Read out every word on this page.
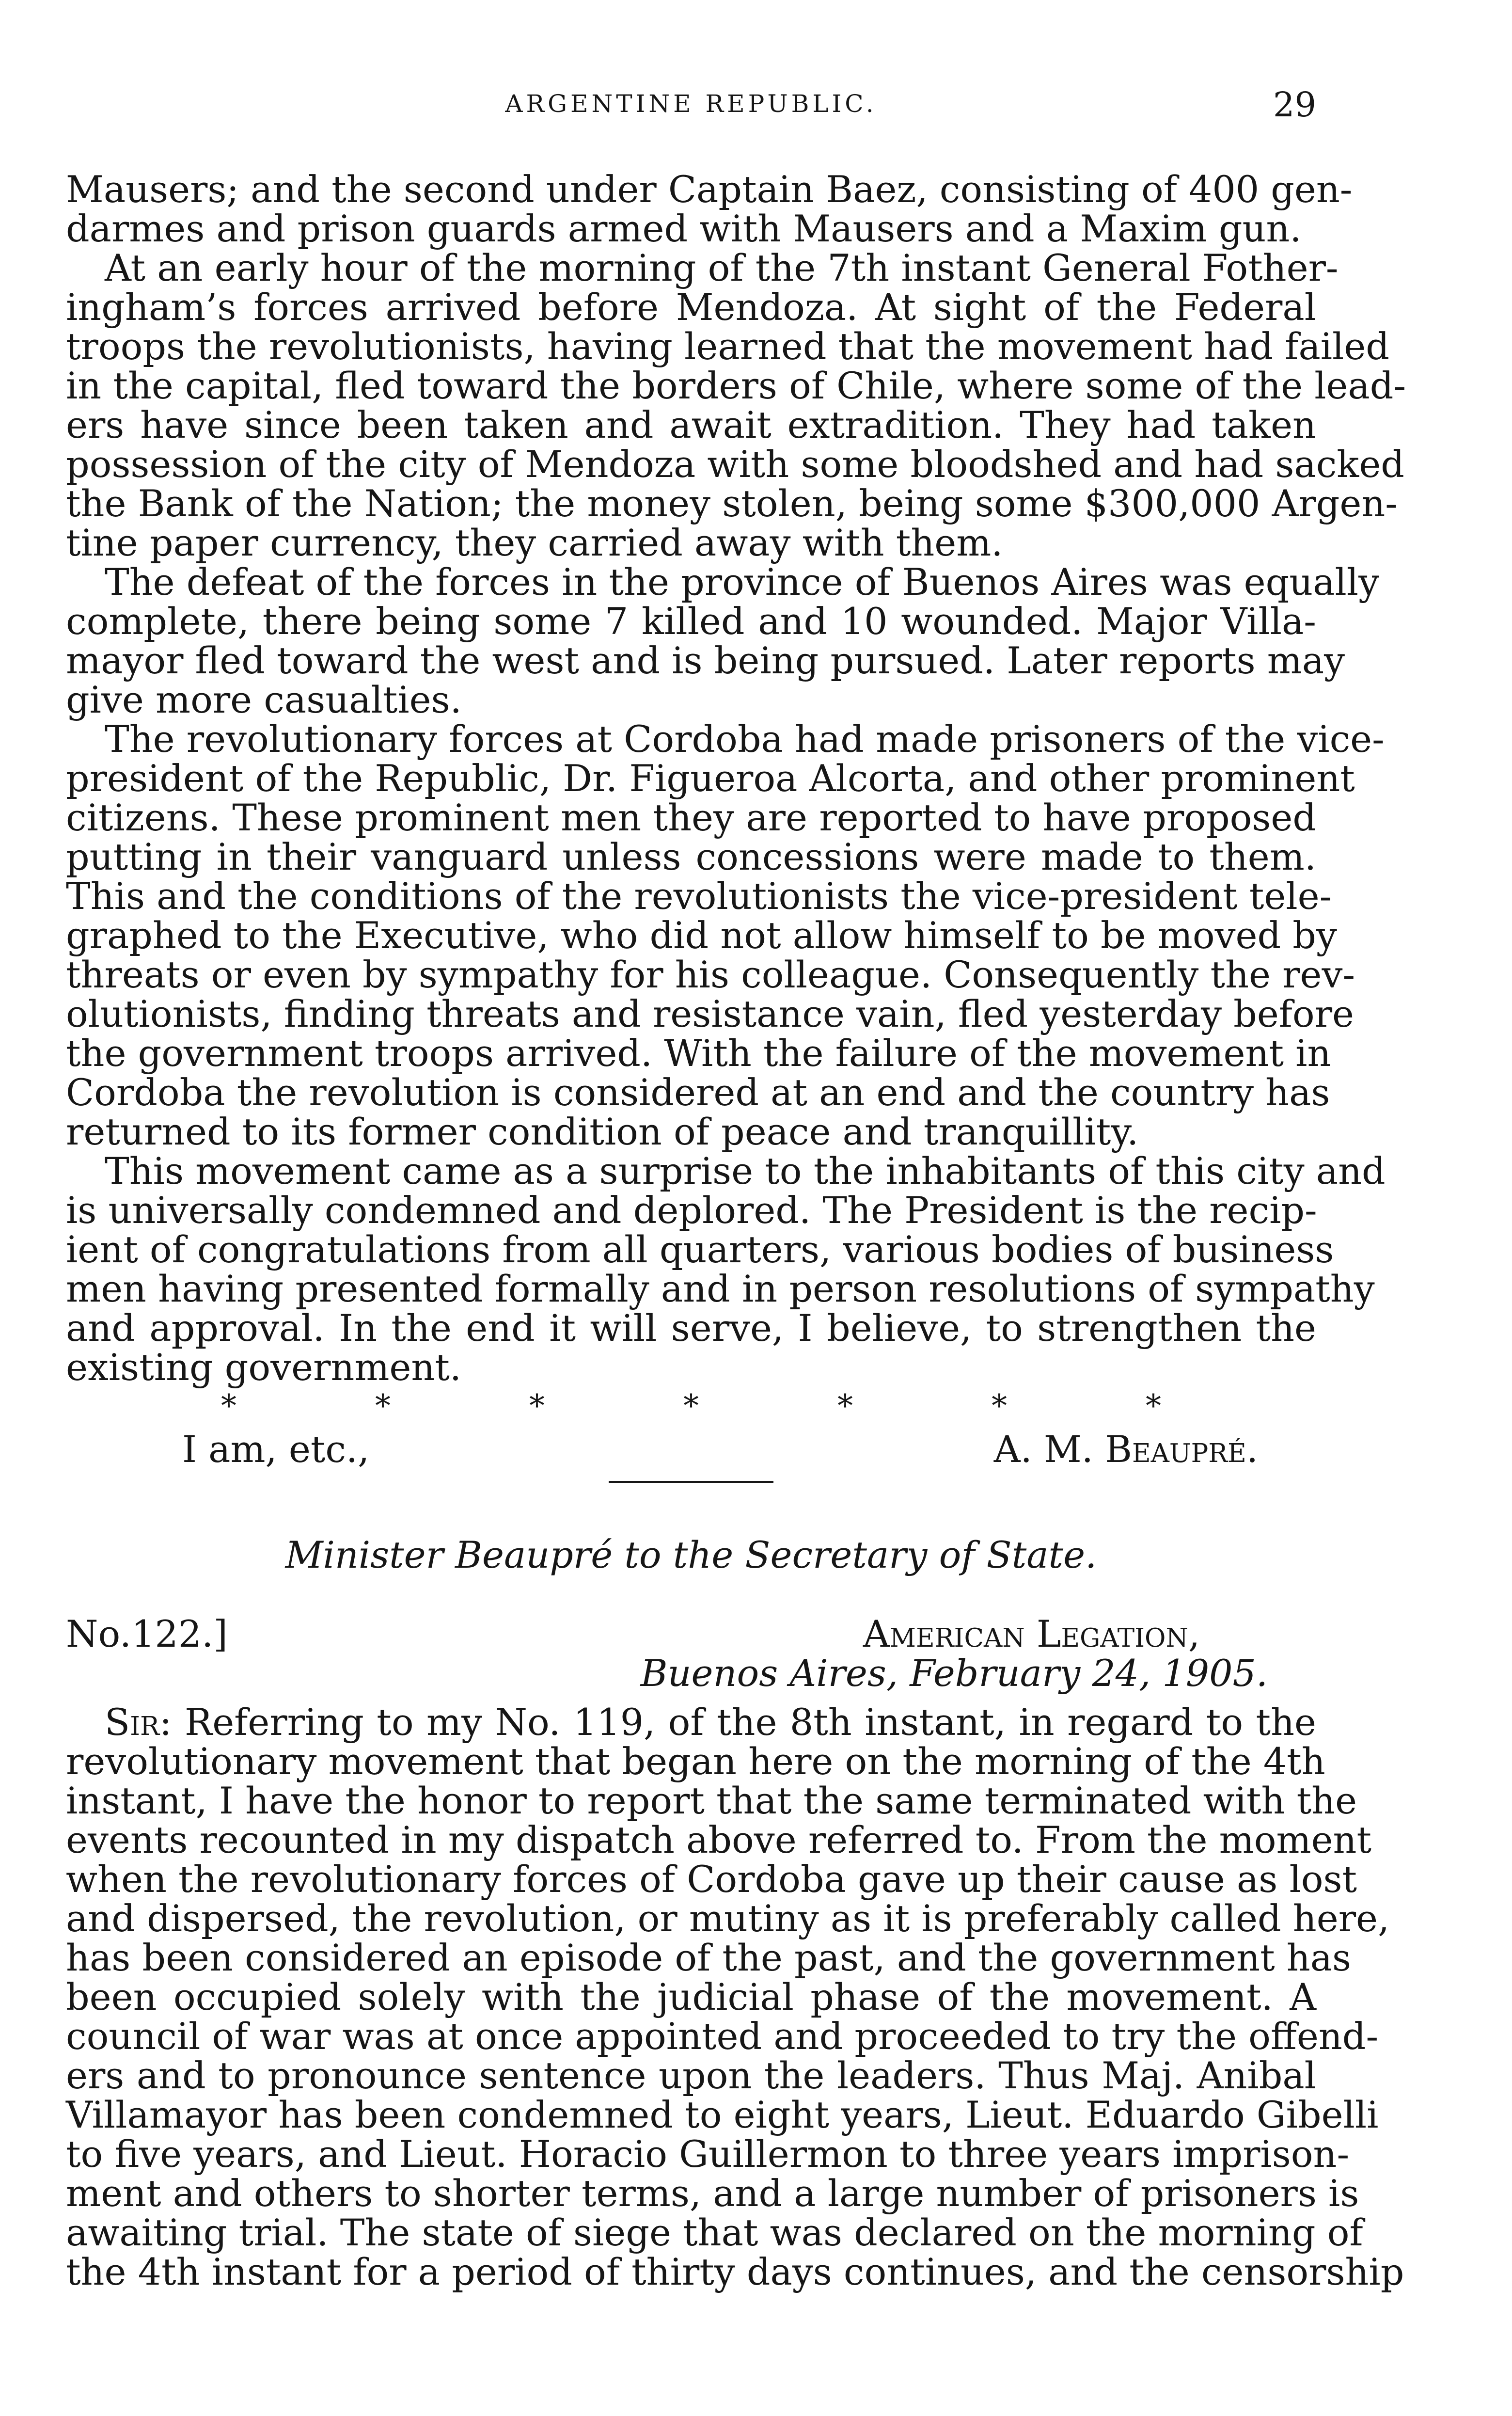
ARGENTINE REPUBLIC.	29
Mausers; and the second under Captain Baez, consisting of 400 gen-
darmes and prison guards armed with Mausers and a Maxim gun.
At an early hour of the morning of the 7th instant General Fother-
ingham’s forces arrived before Mendoza. At sight of the Federal
troops the revolutionists, having learned that the movement had failed
in the capital, fled toward the borders of Chile, where some of the lead-
ers have since been taken and await extradition. They had taken
possession of the city of Mendoza with some bloodshed and had sacked
the Bank of the Nation; the money stolen, being some $300,000 Argen-
tine paper currency, they carried away with them.
The defeat of the forces in the province of Buenos Aires was equally
complete, there being some 7 killed and 10 wounded. Major Villa-
mayor fled toward the west and is being pursued. Later reports may
give more casualties.
The revolutionary forces at Cordoba had made prisoners of the vice-
president of the Republic, Dr. Figueroa Alcorta, and other prominent
citizens. These prominent men they are reported to have proposed
putting in their vanguard unless concessions were made to them.
This and the conditions of the revolutionists the vice-president tele-
graphed to the Executive, who did not allow himself to be moved by
threats or even by sympathy for his colleague. Consequently the rev-
olutionists, finding threats and resistance vain, fled yesterday before
the government troops arrived. With the failure of the movement in
Cordoba the revolution is considered at an end and the country has
returned to its former condition of peace and tranquillity.
This movement came as a surprise to the inhabitants of this city and
is universally condemned and deplored. The President is the recip-
ient of congratulations from all quarters, various bodies of business
men having presented formally and in person resolutions of sympathy
and approval. In the end it will serve, I believe, to strengthen the
existing government.
*	*	*	*	*	*	*
I am, etc.,	A. M. Beaupré.
Minister Beaupré to the Secretary of State.
No.122.]	American Legation,
Buenos Aires, February 24, 1905.
Sir: Referring to my No. 119, of the 8th instant, in regard to the
revolutionary movement that began here on the morning of the 4th
instant, I have the honor to report that the same terminated with the
events recounted in my dispatch above referred to. From the moment
when the revolutionary forces of Cordoba gave up their cause as lost
and dispersed, the revolution, or mutiny as it is preferably called here,
has been considered an episode of the past, and the government has
been occupied solely with the judicial phase of the movement. A
council of war was at once appointed and proceeded to try the offend-
ers and to pronounce sentence upon the leaders. Thus Maj. Anibal
Villamayor has been condemned to eight years, Lieut. Eduardo Gibelli
to five years, and Lieut. Horacio Guillermon to three years imprison-
ment and others to shorter terms, and a large number of prisoners is
awaiting trial. The state of siege that was declared on the morning of
the 4th instant for a period of thirty days continues, and the censorship
